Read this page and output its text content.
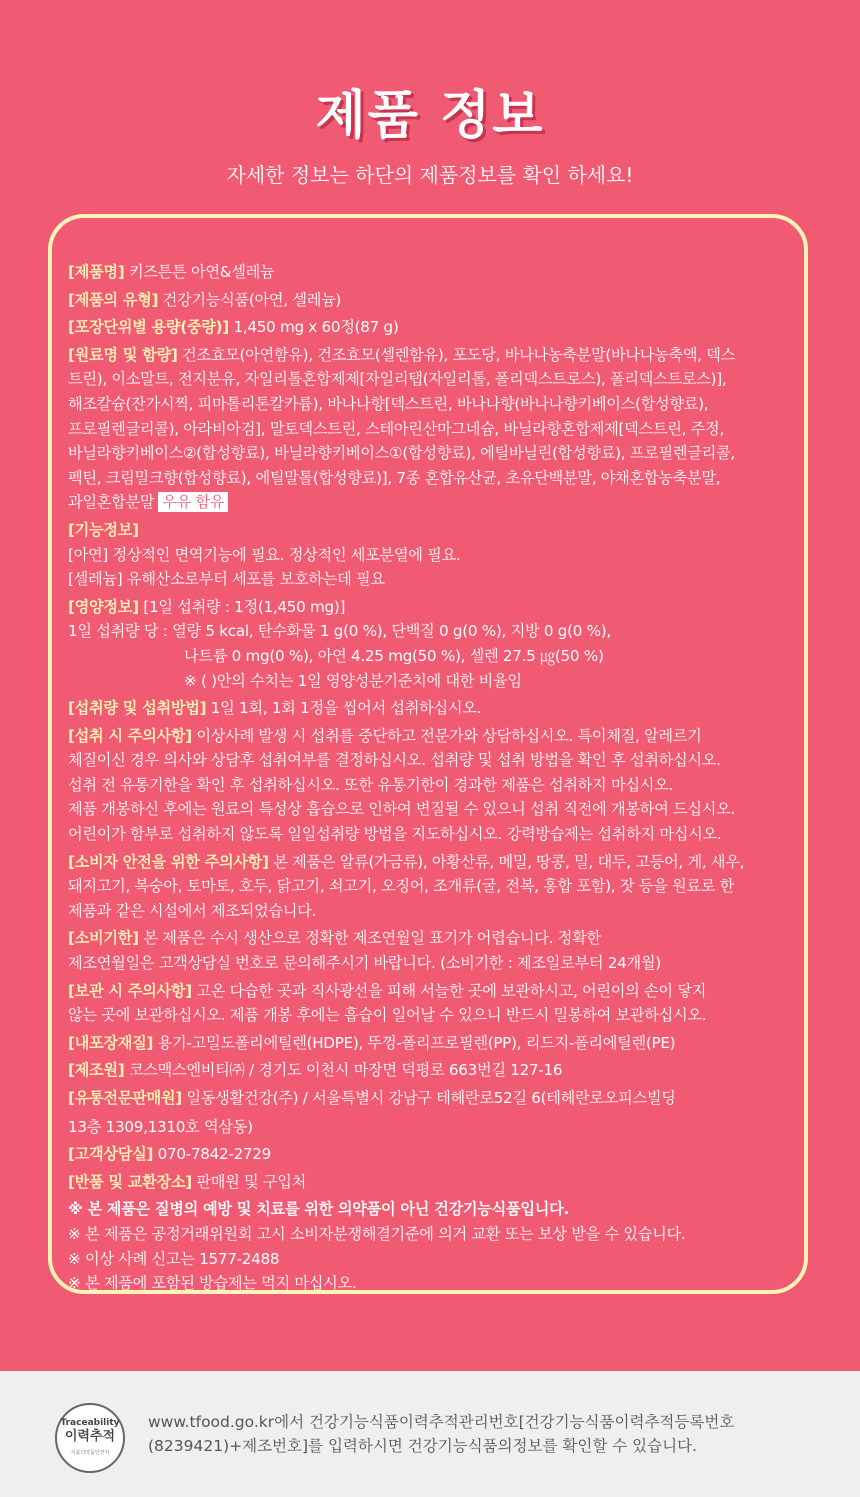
제품 정보
자세한 정보는 하단의 제품정보를 확인 하세요!
[제품명] 키즈튼튼 아연&셀레늄
[제품의 유형] 건강기능식품(아연, 셀레늄)
[포장단위별 용량(중량)] 1,450 mg x 60정(87 g)
[원료명 및 함량] 건조효모(아연함유), 건조효모(셀렌함유), 포도당, 바나나농축분말(바나나농축액, 덱스
트린), 이소말트, 전지분유, 자일리톨혼합제제[자일리탭(자일리톨, 폴리덱스트로스), 폴리덱스트로스)],
해조칼슘(잔가시찍, 피마톨리톤칼카륨), 바나나향[덱스트린, 바나나향(바나나향키베이스(합성향료),
프로필렌글리콜), 아라비아검], 말토덱스트린, 스테아린산마그네슘, 바닐라향혼합제제[덱스트린, 주정,
바닐라향키베이스②(합성향료), 바닐라향키베이스①(합성향료), 에틸바닐린(합성향료), 프로필렌글리콜,
펙틴, 크림밀크향(합성향료), 에틸말톨(합성향료)], 7종 혼합유산균, 초유단백분말, 야채혼합농축분말,
과일혼합분말 우유 함유
[기능정보]
[아연] 정상적인 면역기능에 필요. 정상적인 세포분열에 필요.
[셀레늄] 유해산소로부터 세포를 보호하는데 필요
[영양정보] [1일 섭취량 : 1정(1,450 mg)]
1일 섭취량 당 : 열량 5 kcal, 탄수화물 1 g(0 %), 단백질 0 g(0 %), 지방 0 g(0 %),
나트륨 0 mg(0 %), 아연 4.25 mg(50 %), 셀렌 27.5 ㎍(50 %)
※ ( )안의 수치는 1일 영양성분기준치에 대한 비율임
[섭취량 및 섭취방법] 1일 1회, 1회 1정을 씹어서 섭취하십시오.
[섭취 시 주의사항] 이상사례 발생 시 섭취를 중단하고 전문가와 상담하십시오. 특이체질, 알레르기
체질이신 경우 의사와 상담후 섭취여부를 결정하십시오. 섭취량 및 섭취 방법을 확인 후 섭취하십시오.
섭취 전 유통기한을 확인 후 섭취하십시오. 또한 유통기한이 경과한 제품은 섭취하지 마십시오.
제품 개봉하신 후에는 원료의 특성상 흡습으로 인하여 변질될 수 있으니 섭취 직전에 개봉하여 드십시오.
어린이가 함부로 섭취하지 않도록 일일섭취량 방법을 지도하십시오. 강력방습제는 섭취하지 마십시오.
[소비자 안전을 위한 주의사항] 본 제품은 알류(가금류), 아황산류, 메밀, 땅콩, 밀, 대두, 고등어, 게, 새우,
돼지고기, 복숭아, 토마토, 호두, 닭고기, 쇠고기, 오징어, 조개류(굴, 전복, 홍합 포함), 잣 등을 원료로 한
제품과 같은 시설에서 제조되었습니다.
[소비기한] 본 제품은 수시 생산으로 정확한 제조연월일 표기가 어렵습니다. 정확한
제조연월일은 고객상담실 번호로 문의해주시기 바랍니다. (소비기한 : 제조일로부터 24개월)
[보관 시 주의사항] 고온 다습한 곳과 직사광선을 피해 서늘한 곳에 보관하시고, 어린이의 손이 닿지
않는 곳에 보관하십시오. 제품 개봉 후에는 흡습이 일어날 수 있으니 반드시 밀봉하여 보관하십시오.
[내포장재질] 용기-고밀도폴리에틸렌(HDPE), 뚜껑-폴리프로필렌(PP), 리드지-폴리에틸렌(PE)
[제조원] 코스맥스엔비티㈜ / 경기도 이천시 마장면 덕평로 663번길 127-16
[유통전문판매원] 일동생활건강(주) / 서울특별시 강남구 테헤란로52길 6(테헤란로오피스빌딩
13층 1309,1310호 역삼동)
[고객상담실] 070-7842-2729
[반품 및 교환장소] 판매원 및 구입처
※ 본 제품은 질병의 예방 및 치료를 위한 의약품이 아닌 건강기능식품입니다.
※ 본 제품은 공정거래위원회 고시 소비자분쟁해결기준에 의거 교환 또는 보상 받을 수 있습니다.
※ 이상 사례 신고는 1577-2488
※ 본 제품에 포함된 방습제는 먹지 마십시오.
Traceability
이력추적
식품의약품안전처
www.tfood.go.kr에서 건강기능식품이력추적관리번호[건강기능식품이력추적등록번호
(8239421)+제조번호]를 입력하시면 건강기능식품의정보를 확인할 수 있습니다.
